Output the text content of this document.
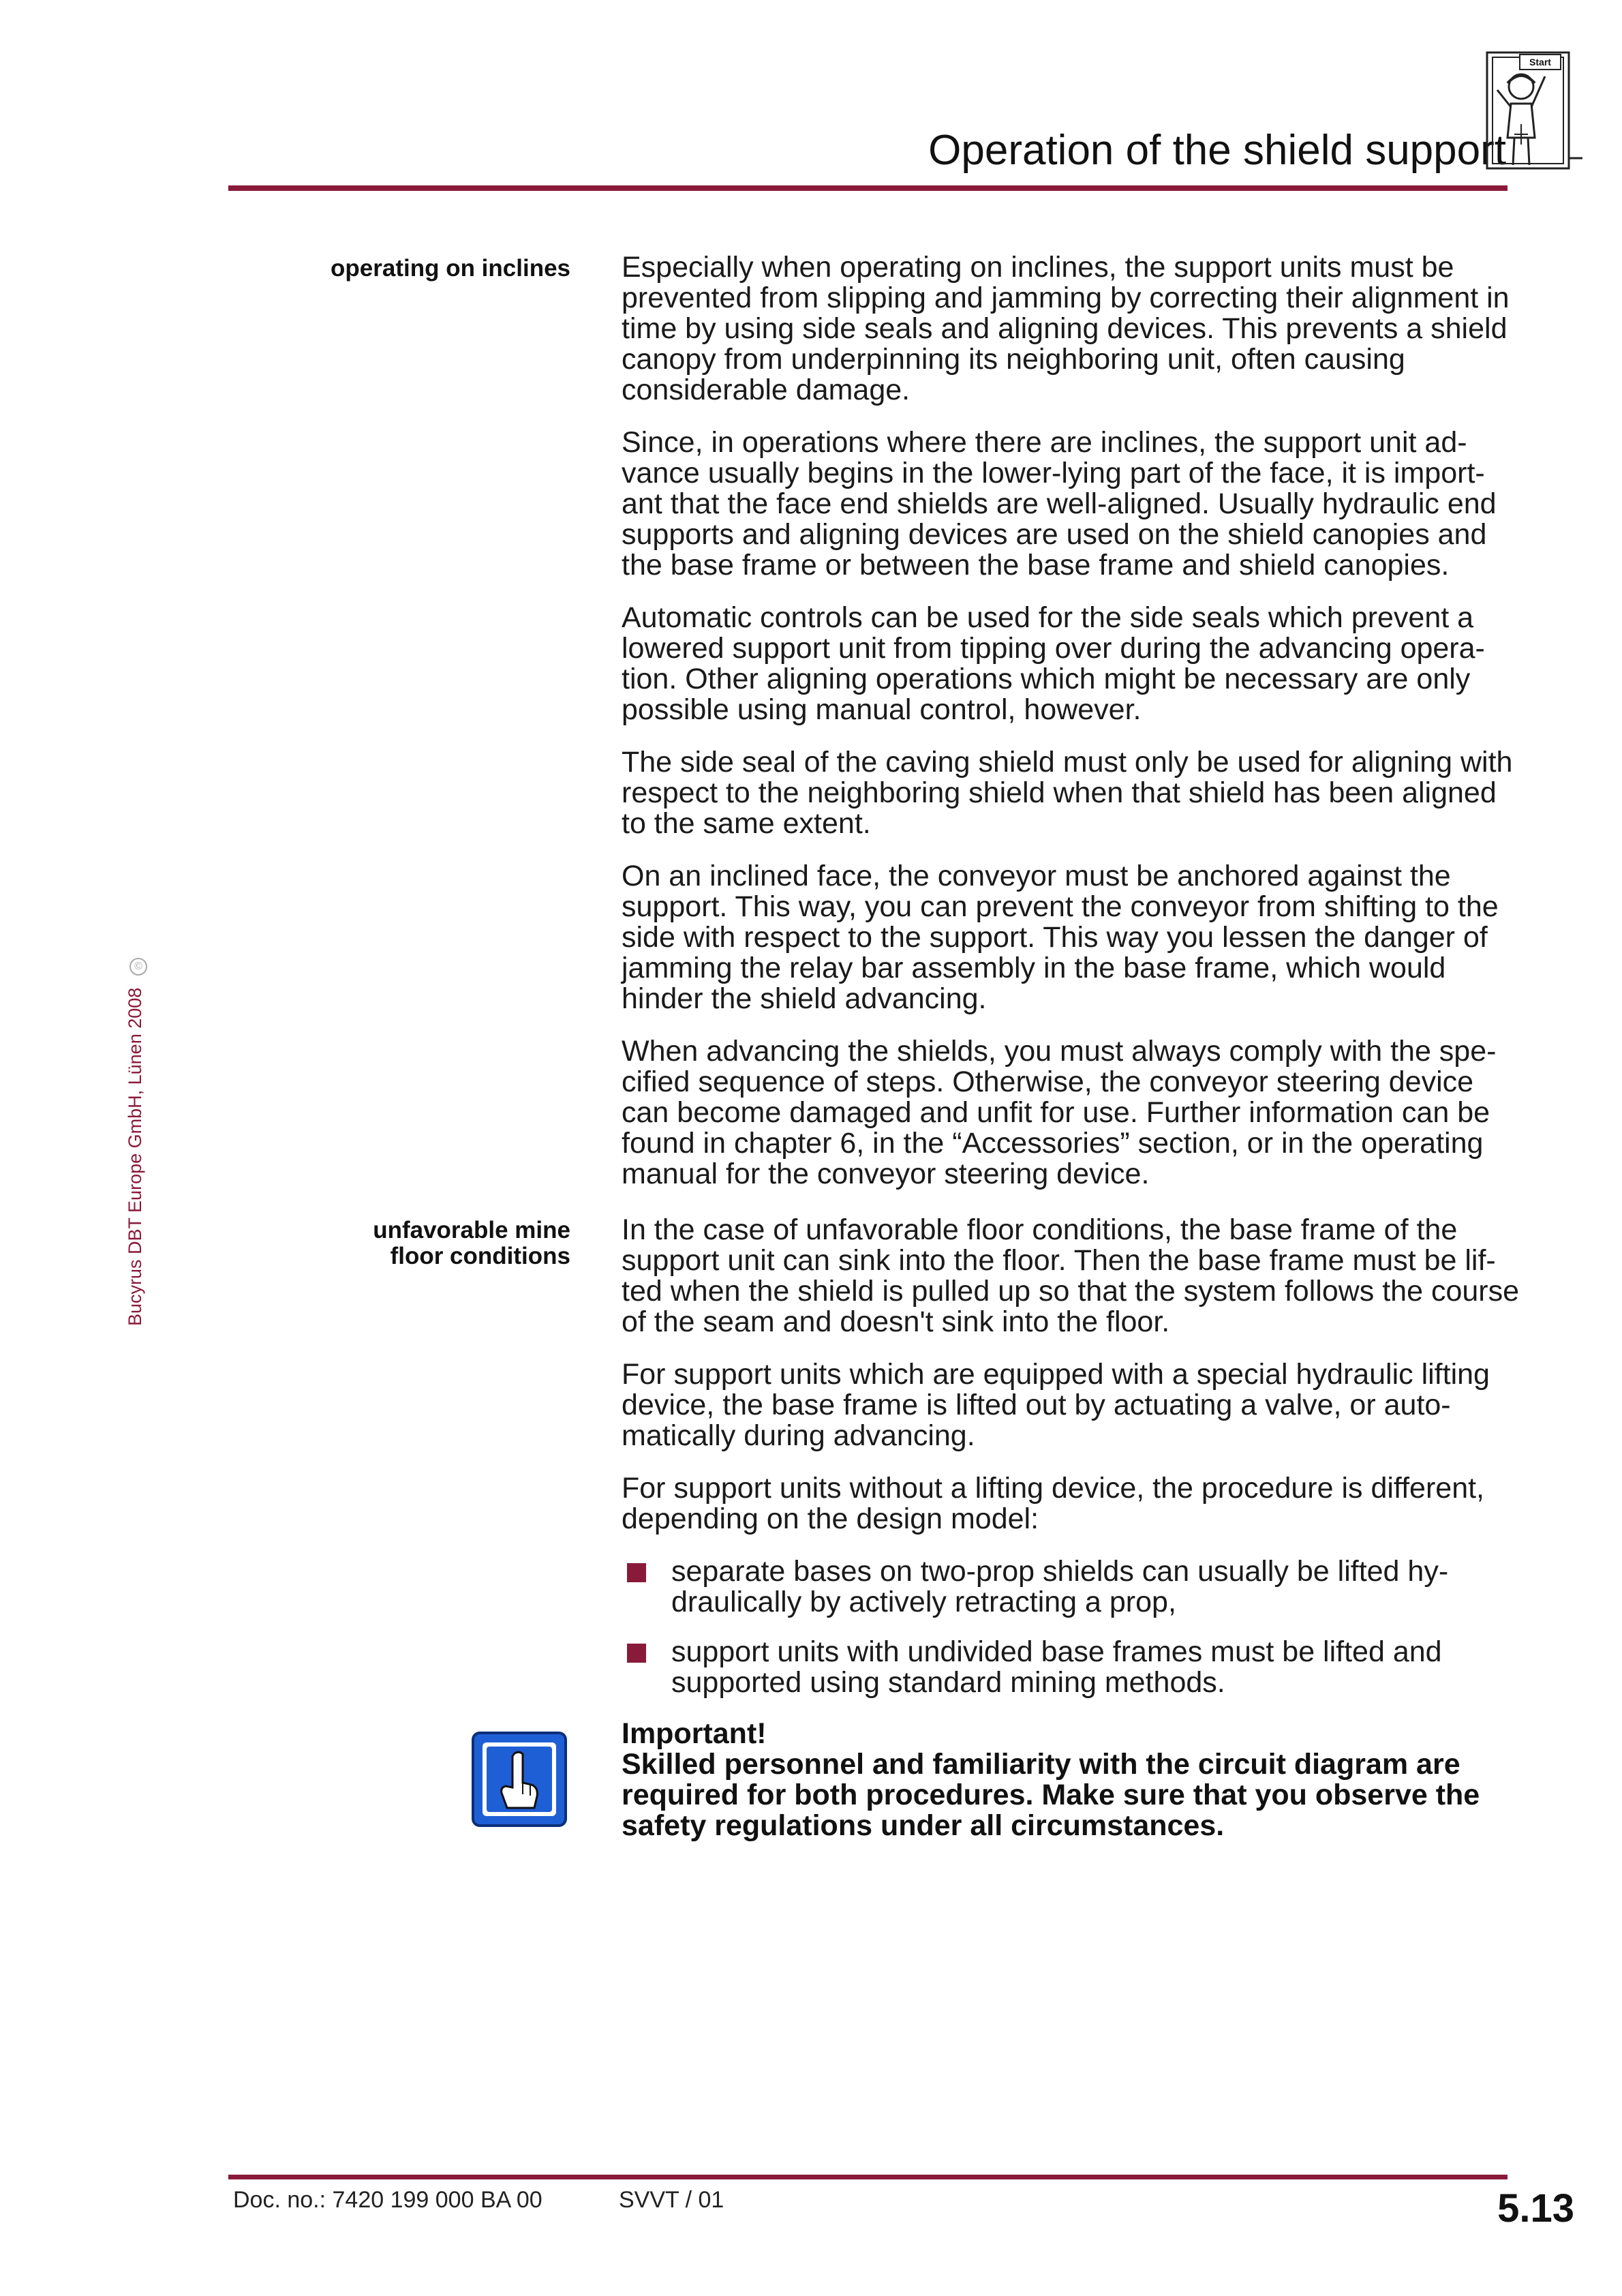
Operation of the shield support
Start
operating on inclines Especially when operating on inclines, the support units must be prevented from slipping and jamming by correcting their alignment in time by using side seals and aligning devices. This prevents a shield canopy from underpinning its neighboring unit, often causing considerable damage.

Since, in operations where there are inclines, the support unit ad-vance usually begins in the lower-lying part of the face, it is import-ant that the face end shields are well-aligned. Usually hydraulic end supports and aligning devices are used on the shield canopies and the base frame or between the base frame and shield canopies.

Automatic controls can be used for the side seals which prevent a lowered support unit from tipping over during the advancing opera-tion. Other aligning operations which might be necessary are only possible using manual control, however.

The side seal of the caving shield must only be used for aligning with respect to the neighboring shield when that shield has been aligned to the same extent.

On an inclined face, the conveyor must be anchored against the support. This way, you can prevent the conveyor from shifting to the side with respect to the support. This way you lessen the danger of jamming the relay bar assembly in the base frame, which would hinder the shield advancing.

When advancing the shields, you must always comply with the spe-cified sequence of steps. Otherwise, the conveyor steering device can become damaged and unfit for use. Further information can be found in chapter 6, in the “Accessories” section, or in the operating manual for the conveyor steering device.

unfavorable mine
floor conditions

In the case of unfavorable floor conditions, the base frame of the support unit can sink into the floor. Then the base frame must be lif-ted when the shield is pulled up so that the system follows the course of the seam and doesn't sink into the floor.

For support units which are equipped with a special hydraulic lifting device, the base frame is lifted out by actuating a valve, or auto-matically during advancing.

For support units without a lifting device, the procedure is different, depending on the design model:

separate bases on two-prop shields can usually be lifted hy-draulically by actively retracting a prop,
support units with undivided base frames must be lifted and supported using standard mining methods.
Important!
Skilled personnel and familiarity with the circuit diagram are required for both procedures. Make sure that you observe the safety regulations under all circumstances.
Bucyrus DBT Europe GmbH, Lünen 2008 ©
Doc. no.: 7420 199 000 BA 00	SVVT / 01	5.13
